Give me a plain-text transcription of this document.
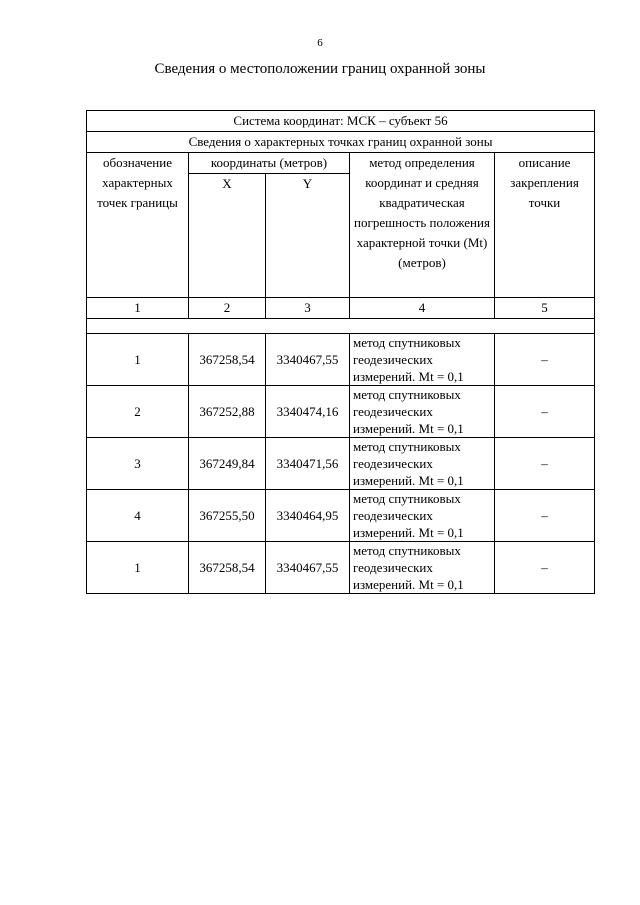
6
Сведения о местоположении границ охранной зоны
Система координат: МСК – субъект 56				
Сведения о характерных точках границ охранной зоны				
обозначение характерных точек границы	координаты (метров)		метод определения координат и средняя квадратическая погрешность положения характерной точки (Mt) (метров)	описание закрепления точки
	X	Y		
1	2	3	4	5

1	367258,54	3340467,55	метод спутниковых геодезических измерений. Mt = 0,1	–
2	367252,88	3340474,16	метод спутниковых геодезических измерений. Mt = 0,1	–
3	367249,84	3340471,56	метод спутниковых геодезических измерений. Mt = 0,1	–
4	367255,50	3340464,95	метод спутниковых геодезических измерений. Mt = 0,1	–
1	367258,54	3340467,55	метод спутниковых геодезических измерений. Mt = 0,1	–
